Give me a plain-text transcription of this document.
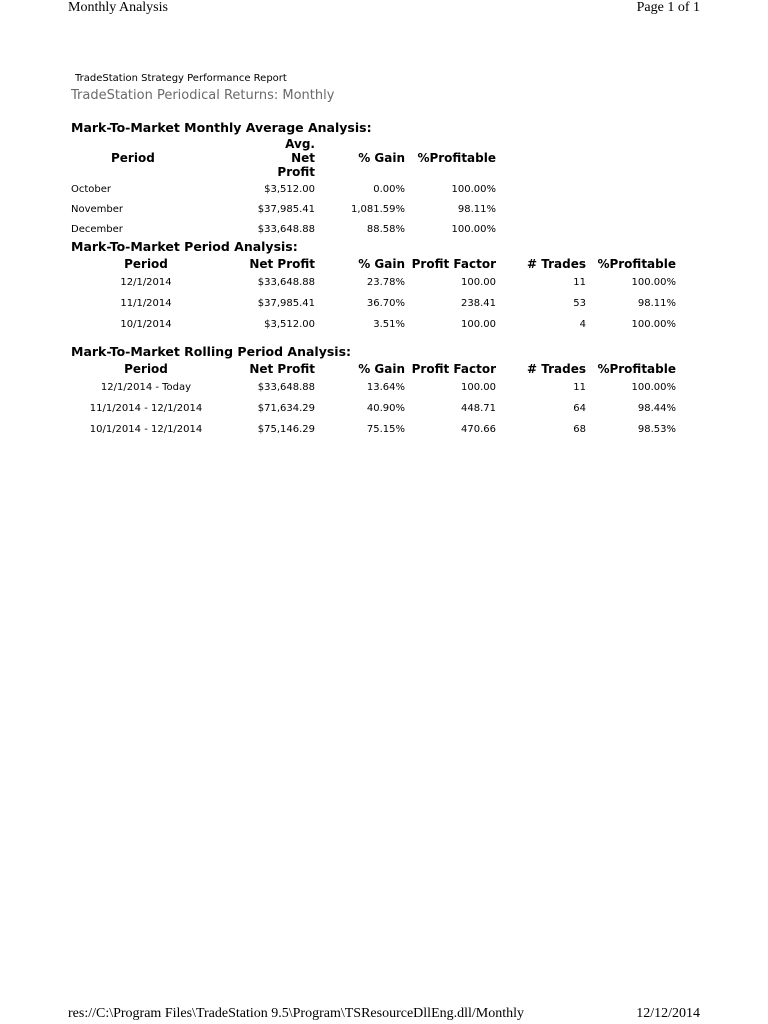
Monthly Analysis	Page 1 of 1
TradeStation Strategy Performance Report
TradeStation Periodical Returns: Monthly
Mark-To-Market Monthly Average Analysis:
Period	Avg. Net Profit	% Gain	%Profitable
October	$3,512.00	0.00%	100.00%
November	$37,985.41	1,081.59%	98.11%
December	$33,648.88	88.58%	100.00%
Mark-To-Market Period Analysis:
Period	Net Profit	% Gain	Profit Factor	# Trades	%Profitable
12/1/2014	$33,648.88	23.78%	100.00	11	100.00%
11/1/2014	$37,985.41	36.70%	238.41	53	98.11%
10/1/2014	$3,512.00	3.51%	100.00	4	100.00%
Mark-To-Market Rolling Period Analysis:
Period	Net Profit	% Gain	Profit Factor	# Trades	%Profitable
12/1/2014 - Today	$33,648.88	13.64%	100.00	11	100.00%
11/1/2014 - 12/1/2014	$71,634.29	40.90%	448.71	64	98.44%
10/1/2014 - 12/1/2014	$75,146.29	75.15%	470.66	68	98.53%
res://C:\Program Files\TradeStation 9.5\Program\TSResourceDllEng.dll/Monthly	12/12/2014
